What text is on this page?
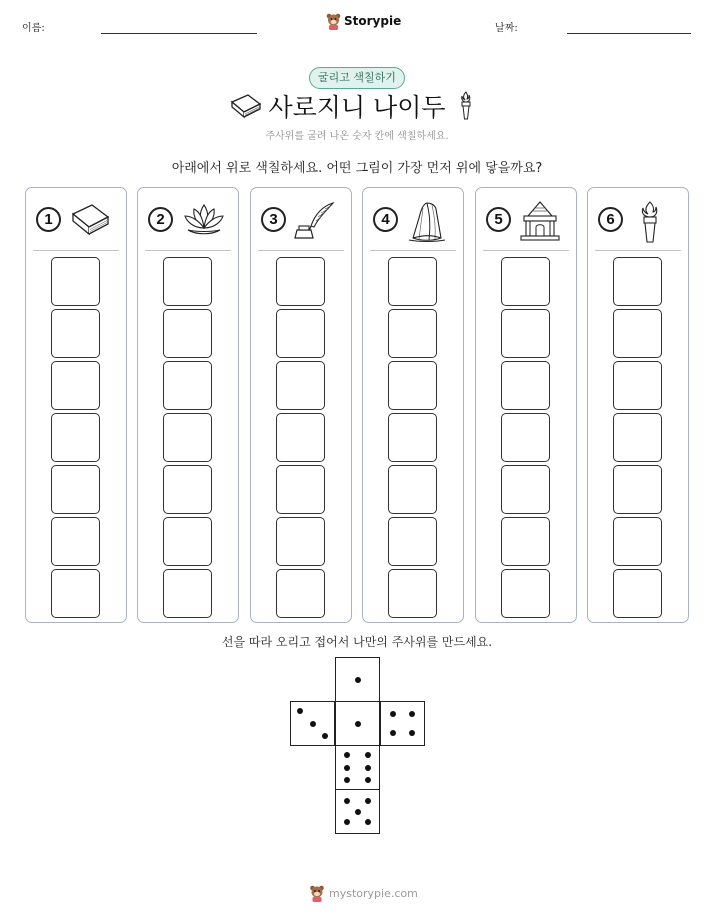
이름:
Storypie
날짜:
굴리고 색칠하기
사로지니 나이두
주사위를 굴려 나온 숫자 칸에 색칠하세요.
아래에서 위로 색칠하세요. 어떤 그림이 가장 먼저 위에 닿을까요?
1	2	3	4	5	6
선을 따라 오리고 접어서 나만의 주사위를 만드세요.
mystorypie.com
